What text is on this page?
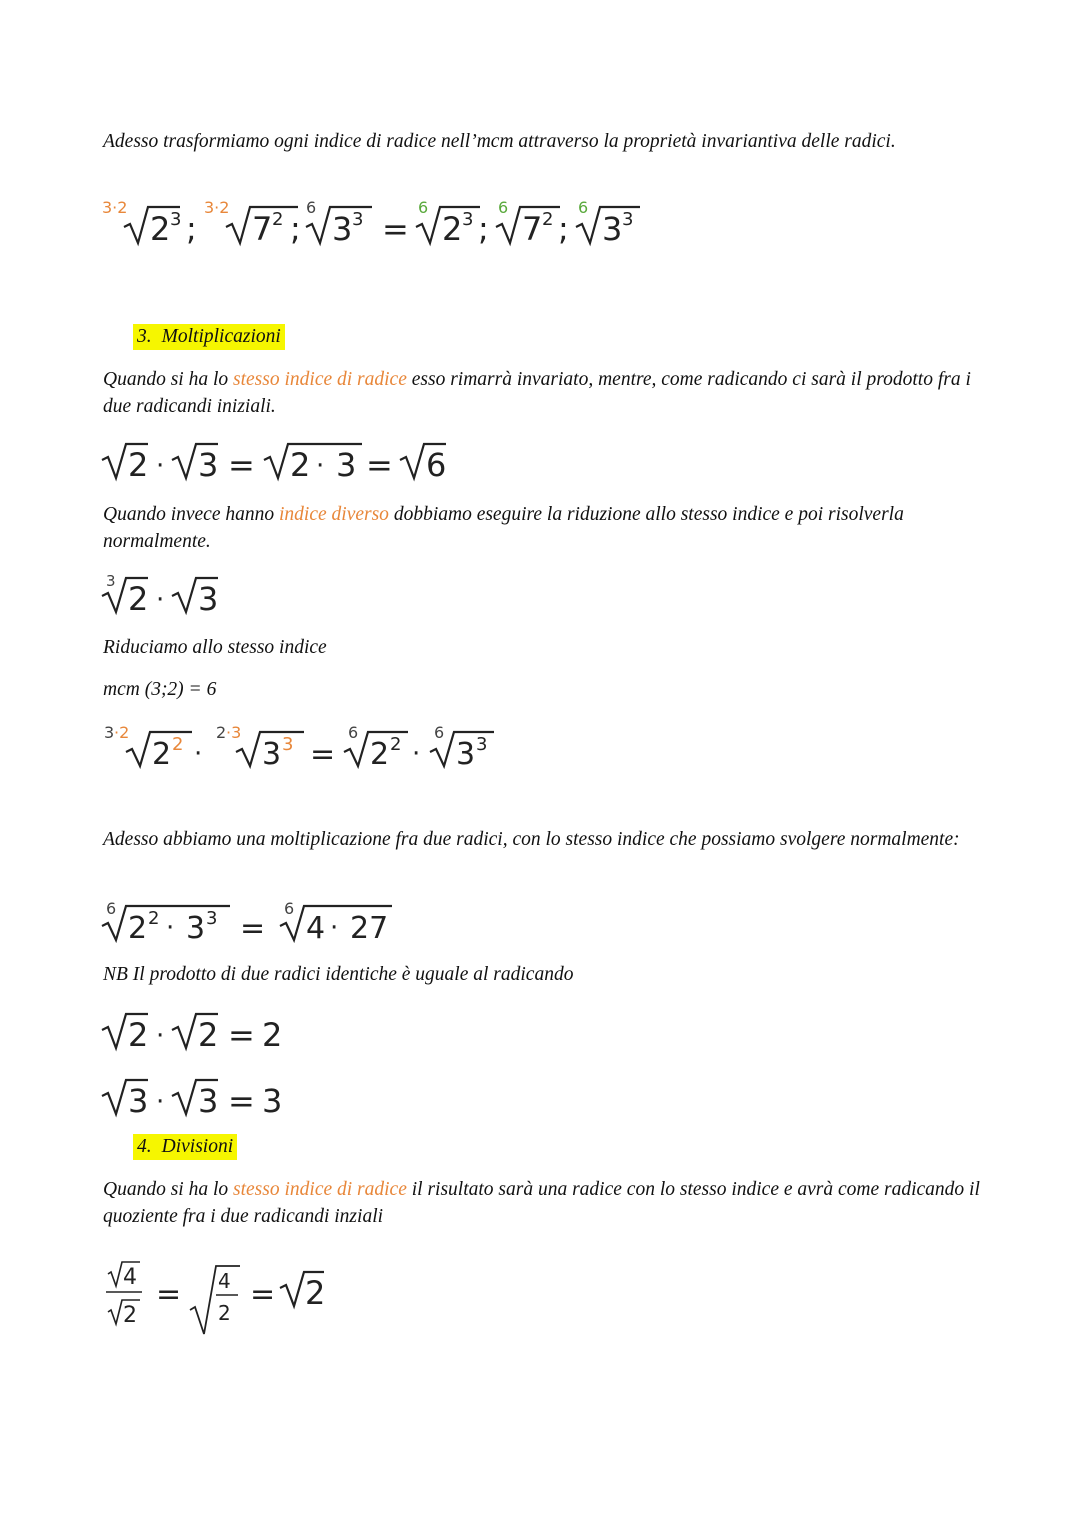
Adesso trasformiamo ogni indice di radice nell’mcm attraverso la proprietà invariantiva delle radici.
3·2
2 3 ;
3·2
7 2 ;
6
3 3 =
6
2 3 ;
6
7 2 ;
6
3 3
3. Moltiplicazioni
Quando si ha lo stesso indice di radice esso rimarrà invariato, mentre, come radicando ci sarà il prodotto fra i due radicandi iniziali.
2 · 3 = 2 · 3 = 6
Quando invece hanno indice diverso dobbiamo eseguire la riduzione allo stesso indice e poi risolverla normalmente.
3 2 · 3
Riduciamo allo stesso indice
mcm (3;2) = 6
3 ·2
2 2 ·
2 ·3
3 3 =
6
2 2 ·
6
3 3
Adesso abbiamo una moltiplicazione fra due radici, con lo stesso indice che possiamo svolgere normalmente:
6
2 2 · 3 3 =
6
4 · 27
NB Il prodotto di due radici identiche è uguale al radicando
2 · 2 = 2
3 · 3 = 3
4. Divisioni
Quando si ha lo stesso indice di radice il risultato sarà una radice con lo stesso indice e avrà come radicando il quoziente fra i due radicandi inziali
4
2
= 4
2
= 2
